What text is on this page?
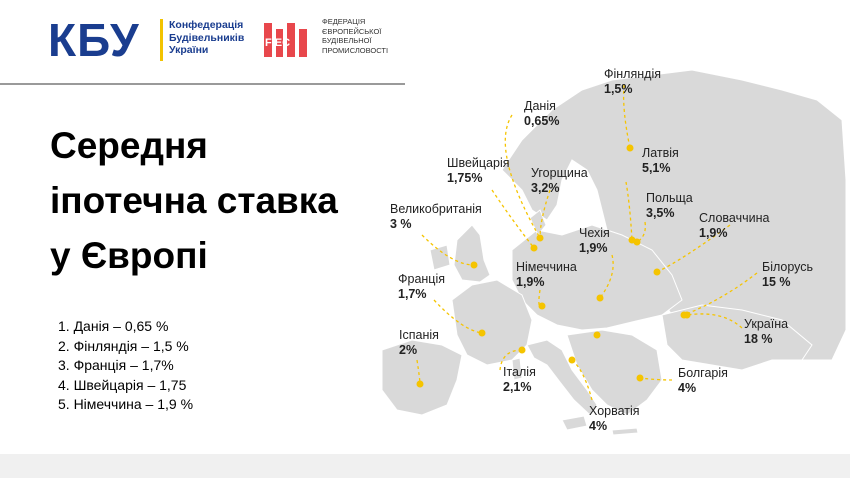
КБУ	Конфедерація
Будівельників
України
FIEC
ФЕДЕРАЦІЯ
ЄВРОПЕЙСЬКОЇ
БУДІВЕЛЬНОЇ
ПРОМИСЛОВОСТІ
Середня
іпотечна ставка
у Європі
1. Данія – 0,65 %
2. Фінляндія – 1,5 %
3. Франція – 1,7%
4. Швейцарія – 1,75
5. Німеччина – 1,9 %
Фінляндія
1,5%
Данія
0,65%
Швейцарія
1,75%	Угорщина
3,2%
Латвія
5,1%
Польща
3,5%
Великобританія
3 %
Чехія
1,9%
Словаччина
1,9%
Німеччина
1,9%
Білорусь
15 %
Франція
1,7%
Іспанія
2%
Україна
18 %
Італія
2,1%
Болгарія
4%
Хорватія
4%
